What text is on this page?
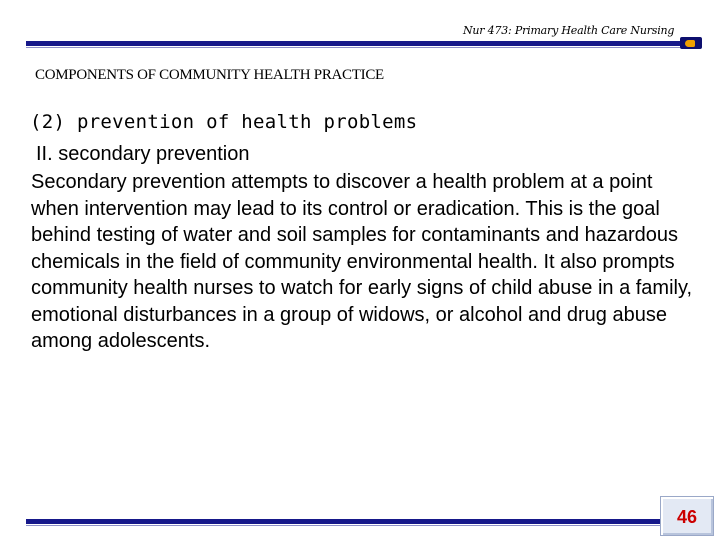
Nur 473: Primary Health Care Nursing
COMPONENTS OF COMMUNITY HEALTH PRACTICE
(2) prevention of health problems
II. secondary prevention
Secondary prevention attempts to discover a health problem at a point when intervention may lead to its control or eradication. This is the goal behind testing of water and soil samples for contaminants and hazardous chemicals in the field of community environmental health. It also prompts community health nurses to watch for early signs of child abuse in a family, emotional disturbances in a group of widows, or alcohol and drug abuse among adolescents.
46
